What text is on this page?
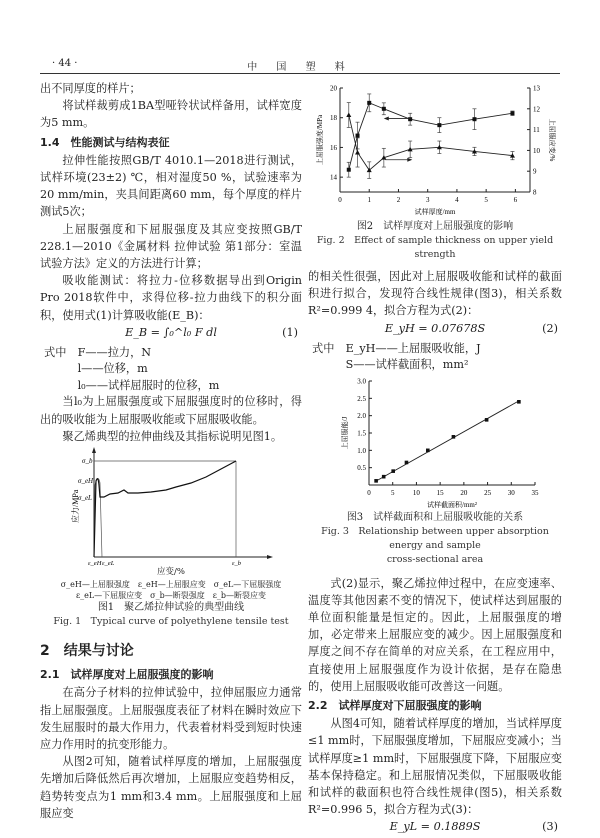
· 44 ·	中 国 塑 料

出不同厚度的样片；

将试样裁剪成1BA型哑铃状试样备用，试样宽度为5 mm。

1.4　性能测试与结构表征

拉伸性能按照GB/T 4010.1—2018进行测试，试样环境(23±2) ℃，相对湿度50 %，试验速率为20 mm/min，夹具间距离60 mm，每个厚度的样片测试5次；

上屈服强度和下屈服强度及其应变按照GB/T 228.1—2010《金属材料 拉伸试验 第1部分：室温试验方法》定义的方法进行计算；

吸收能测试：将拉力-位移数据导出到Origin Pro 2018软件中，求得位移-拉力曲线下的积分面积，使用式(1)计算吸收能(E_B)：

E_B = ∫₀^l₀ F dl	(1)
式中　F——拉力，N
　　　l——位移，m
　　　l₀——试样屈服时的位移，m

当l₀为上屈服强度或下屈服强度时的位移时，得出的吸收能为上屈服吸收能或下屈服吸收能。

聚乙烯典型的拉伸曲线及其指标说明见图1。

σ_b
σ_eH
σ_eL
ε_eH ε_eL	ε_b
应力/MPa
应变/%
σ_eH—上屈服强度　ε_eH—上屈服应变　σ_eL—下屈服强度
ε_eL—下屈服应变　σ_b—断裂强度　ε_b—断裂应变
图1　聚乙烯拉伸试验的典型曲线
Fig. 1　Typical curve of polyethylene tensile test
2　结果与讨论
2.1　试样厚度对上屈服强度的影响

在高分子材料的拉伸试验中，拉伸屈服应力通常指上屈服强度。上屈服强度表征了材料在瞬时效应下发生屈服时的最大作用力，代表着材料受到短时快速应力作用时的抗变形能力。

从图2可知，随着试样厚度的增加，上屈服强度先增加后降低然后再次增加，上屈服应变趋势相反，趋势转变点为1 mm和3.4 mm。上屈服强度和上屈服应变

0	1	2	3	4	5	6
14
16
18
20
8
9
10
11
12
13
试样厚度/mm
上屈服强度/MPa	上屈服应变/%
图2　试样厚度对上屈服强度的影响
Fig. 2　Effect of sample thickness on upper yield strength

的相关性很强，因此对上屈服吸收能和试样的截面积进行拟合，发现符合线性规律(图3)，相关系数R²=0.999 4，拟合方程为式(2)：

E_yH = 0.07678S	(2)
式中　E_yH——上屈服吸收能，J
　　　S——试样截面积，mm²
0	5	10 15 20 25 30 35
0.5
1.0
1.5
2.0
2.5
3.0
试样截面积/mm²
上屈服能/J
图3　试样截面积和上屈服吸收能的关系
Fig. 3　Relationship between upper absorption energy and sample
cross-sectional area

式(2)显示，聚乙烯拉伸过程中，在应变速率、温度等其他因素不变的情况下，使试样达到屈服的单位面积能量是恒定的。因此，上屈服强度的增加，必定带来上屈服应变的减少。因上屈服强度和厚度之间不存在简单的对应关系，在工程应用中，直接使用上屈服强度作为设计依据，是存在隐患的，使用上屈服吸收能可改善这一问题。

2.2　试样厚度对下屈服强度的影响

从图4可知，随着试样厚度的增加，当试样厚度≤1 mm时，下屈服强度增加，下屈服应变减小；当试样厚度≥1 mm时，下屈服强度下降，下屈服应变基本保持稳定。和上屈服情况类似，下屈服吸收能和试样的截面积也符合线性规律(图5)，相关系数R²=0.996 5，拟合方程为式(3)：

E_yL = 0.1889S	(3)
